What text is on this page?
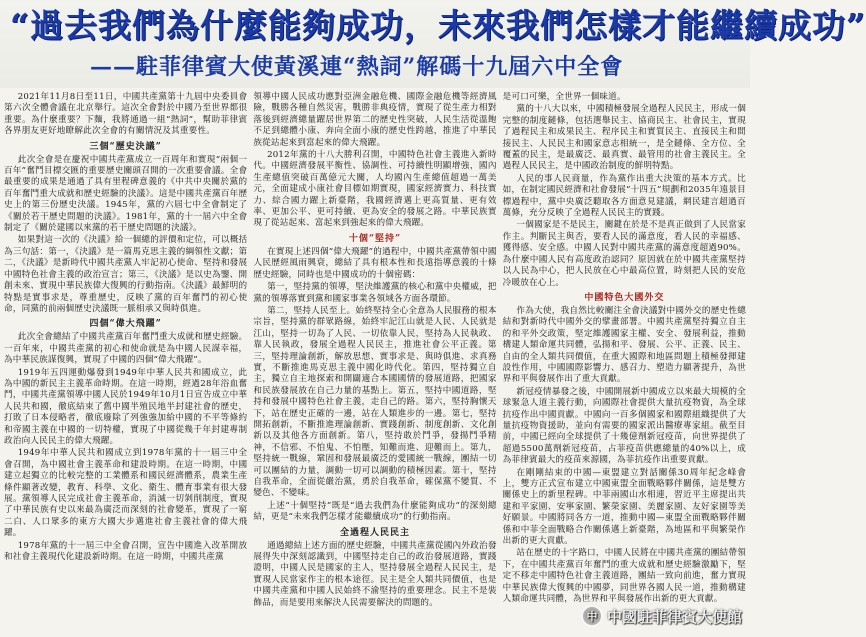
“過去我們為什麼能夠成功，未來我們怎樣才能繼續成功”
——駐菲律賓大使黃溪連“熱詞”解碼十九屆六中全會

2021年11月8日至11日，中國共產黨第十九屆中央委員會第六次全體會議在北京舉行。這次全會對於中國乃至世界都很重要。為什麼重要？下麵，我將通過一組“熱詞”，幫助菲律賓各界朋友更好地瞭解此次全會的有關情況及其重要性。

三個“歷史決議”

此次全會是在慶祝中國共產黨成立一百周年和實現“兩個一百年”奮鬥目標交匯的重要歷史關頭召開的一次重要會議。全會最重要的成果是通過了具有里程碑意義的《中共中央關於黨的百年奮鬥重大成就和歷史經驗的決議》。這是中國共產黨百年歷史上的第三份歷史決議。1945年，黨的六屆七中全會制定了《關於若干歷史問題的決議》。1981年，黨的十一屆六中全會制定了《關於建國以來黨的若干歷史問題的決議》。

如果對這一次的《決議》給一個總的評價和定位，可以概括為三句話：第一，《決議》是一篇馬克思主義的綱領性文獻；第二，《決議》是新時代中國共產黨人牢記初心使命、堅持和發展中國特色社會主義的政治宣言；第三，《決議》是以史為鑒、開創未來、實現中華民族偉大復興的行動指南。《決議》最鮮明的特點是實事求是，尊重歷史，反映了黨的百年奮鬥的初心使命，同黨的前兩個歷史決議既一脈相承又與時俱進。

四個“偉大飛躍”

此次全會總結了中國共產黨百年奮鬥重大成就和歷史經驗。一百年來，中國共產黨的初心和使命就是為中國人民謀幸福，為中華民族謀復興，實現了中國的四個“偉大飛躍”。

1919年五四運動爆發到1949年中華人民共和國成立，此為中國的新民主主義革命時期。在這一時期，經過28年浴血奮鬥，中國共產黨領導中國人民於1949年10月1日宣告成立中華人民共和國，徹底結束了舊中國半殖民地半封建社會的歷史，打敗了日本侵略者，徹底廢除了列強強加給中國的不平等條約和帝國主義在中國的一切特權，實現了中國從幾千年封建專制政治向人民民主的偉大飛躍。

1949年中華人民共和國成立到1978年黨的十一屆三中全會召開，為中國社會主義革命和建設時期。在這一時期，中國建立起獨立的比較完整的工業體系和國民經濟體系，農業生產條件顯著改變，教育、科學、文化、衛生、體育事業有很大發展。黨領導人民完成社會主義革命，消滅一切剝削制度，實現了中華民族有史以來最為廣泛而深刻的社會變革，實現了一窮二白、人口眾多的東方大國大步邁進社會主義社會的偉大飛躍。

1978年黨的十一屆三中全會召開，宣告中國進入改革開放和社會主義現代化建設新時期。在這一時期，中國共產黨

領導中國人民成功應對亞洲金融危機、國際金融危機等經濟風險，戰勝各種自然災害，戰勝非典疫情，實現了從生產力相對落後到經濟總量躍居世界第二的歷史性突破，人民生活從溫飽不足到總體小康、奔向全面小康的歷史性跨越，推進了中華民族從站起來到富起來的偉大飛躍。

2012年黨的十八大勝利召開，中國特色社會主義進入新時代。中國經濟發展平衡性、協調性、可持續性明顯增強，國內生產總值突破百萬億元大關，人均國內生產總值超過一萬美元，全面建成小康社會目標如期實現，國家經濟實力、科技實力、綜合國力躍上新臺階，我國經濟邁上更高質量、更有效率、更加公平、更可持續、更為安全的發展之路。中華民族實現了從站起來、富起來到強起來的偉大飛躍。

十個“堅持”

在實現上述四個“偉大飛躍”的過程中，中國共產黨帶領中國人民歷經風雨興衰，總結了具有根本性和長遠指導意義的十條歷史經驗，同時也是中國成功的十個密碼：

第一，堅持黨的領導，堅決維護黨的核心和黨中央權威，把黨的領導落實到黨和國家事業各領域各方面各環節。

第二，堅持人民至上。始終堅持全心全意為人民服務的根本宗旨，堅持黨的群眾路線，始終牢記江山就是人民、人民就是江山，堅持一切為了人民、一切依靠人民，堅持為人民執政、靠人民執政，發展全過程人民民主，推進社會公平正義。第三，堅持理論創新，解放思想、實事求是、與時俱進、求真務實，不斷推進馬克思主義中國化時代化。第四，堅持獨立自主，獨立自主地探索和開闢適合本國國情的發展道路，把國家和民族發展放在自己力量的基點上。第五，堅持中國道路，堅持和發展中國特色社會主義，走自己的路。第六，堅持胸懷天下，站在歷史正確的一邊，站在人類進步的一邊。第七，堅持開拓創新，不斷推進理論創新、實踐創新、制度創新、文化創新以及其他各方面創新。第八，堅持敢於鬥爭，發揚鬥爭精神，不信邪、不怕鬼、不怕壓，知難而進、迎難而上。第九，堅持統一戰線，鞏固和發展最廣泛的愛國統一戰線，團結一切可以團結的力量，調動一切可以調動的積極因素。第十，堅持自我革命，全面從嚴治黨，勇於自我革命，確保黨不變質、不變色、不變味。

上述“十個堅持”既是“過去我們為什麼能夠成功”的深刻總結，更是“未來我們怎樣才能繼續成功”的行動指南。

全過程人民民主

通過總結上述方面的歷史經驗，中國共產黨從國內外政治發展得失中深刻認識到，中國堅持走自己的政治發展道路，實踐證明，中國人民是國家的主人，堅持發展全過程人民民主，是實現人民當家作主的根本途徑。民主是全人類共同價值，也是中國共產黨和中國人民始終不渝堅持的重要理念。民主不是裝飾品，而是要用來解決人民需要解決的問題的。

是可口可樂，全世界一個味道。

黨的十八大以來，中國積極發展全過程人民民主，形成一個完整的制度鏈條，包括選舉民主、協商民主、社會民主，實現了過程民主和成果民主、程序民主和實質民主、直接民主和間接民主、人民民主和國家意志相統一，是全鏈條、全方位、全覆蓋的民主，是最廣泛、最真實、最管用的社會主義民主。全過程人民民主，是中國政治制度的鮮明特點。

人民的事人民商量，作為黨作出重大決策的基本方式。比如，在制定國民經濟和社會發展“十四五”規劃和2035年遠景目標過程中，黨中央廣泛聽取各方面意見建議，網民建言超過百萬條，充分反映了全過程人民民主的實踐。

一個國家是不是民主，關鍵在於是不是真正做到了人民當家作主。判斷民主與否，要看人民的滿意度，看人民的幸福感、獲得感、安全感。中國人民對中國共產黨的滿意度超過90%。為什麼中國人民有高度政治認同？原因就在於中國共產黨堅持以人民為中心，把人民放在心中最高位置，時刻把人民的安危冷暖放在心上。

中國特色大國外交

作為大使，我自然比較關注全會決議對中國外交的歷史性總結和對新時代中國外交的擘畫部署。中國共產黨堅持獨立自主的和平外交政策，堅定維護國家主權、安全、發展利益，推動構建人類命運共同體，弘揚和平、發展、公平、正義、民主、自由的全人類共同價值，在重大國際和地區問題上積極發揮建設性作用，中國國際影響力、感召力、塑造力顯著提升，為世界和平與發展作出了重大貢獻。

新冠疫情暴發之後，中國開展新中國成立以來最大規模的全球緊急人道主義行動，向國際社會提供大量抗疫物資，為全球抗疫作出中國貢獻。中國向一百多個國家和國際組織提供了大量抗疫物資援助，並向有需要的國家派出醫療專家組。截至目前，中國已經向全球提供了十幾億劑新冠疫苗，向世界提供了超過5500萬劑新冠疫苗，占菲疫苗供應總量的40%以上，成為菲律賓最大的疫苗來源國，為菲抗疫作出重要貢獻。

在剛剛結束的中國—東盟建立對話關係30周年紀念峰會上，雙方正式宣布建立中國東盟全面戰略夥伴關係，這是雙方關係史上的新里程碑。中菲兩國山水相連，習近平主席提出共建和平家園、安寧家園、繁榮家園、美麗家園、友好家園等美好願景。中國將同各方一道，推動中國—東盟全面戰略夥伴關係和中菲全面戰略合作關係邁上新臺階，為地區和平與繁榮作出新的更大貢獻。

站在歷史的十字路口，中國人民將在中國共產黨的團結帶領下，在中國共產黨百年奮鬥的重大成就和歷史經驗激勵下，堅定不移走中國特色社會主義道路，團結一致向前進，奮力實現中華民族偉大復興的中國夢，同世界各國人民一道，推動構建人類命運共同體，為世界和平與發展作出新的更大貢獻。

中 中國駐菲律賓大使館
